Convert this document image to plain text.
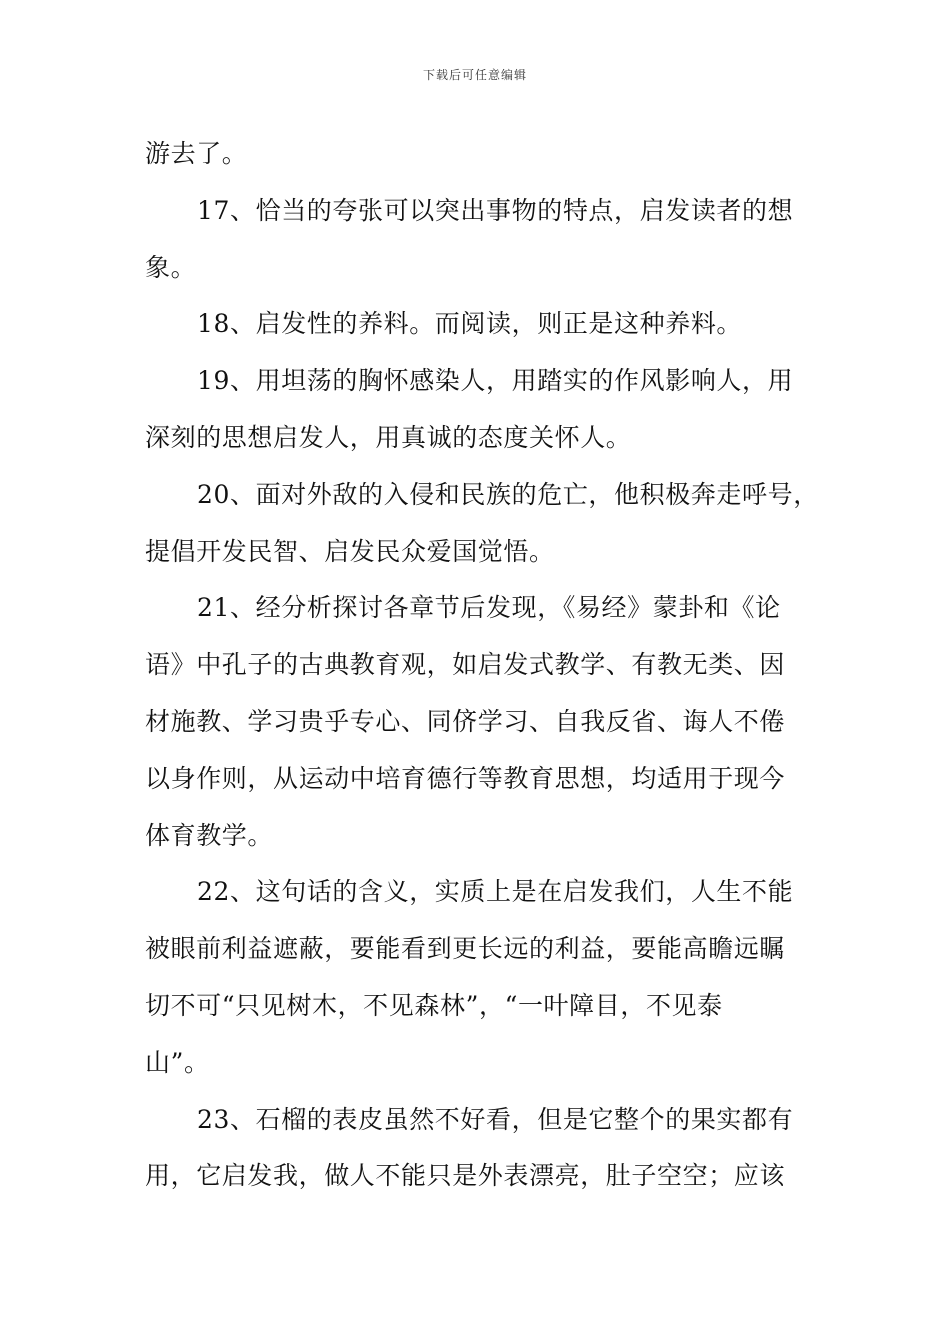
下载后可任意编辑
游去了。
17、恰当的夸张可以突出事物的特点，启发读者的想
象。
18、启发性的养料。而阅读，则正是这种养料。
19、用坦荡的胸怀感染人，用踏实的作风影响人，用
深刻的思想启发人，用真诚的态度关怀人。
20、面对外敌的入侵和民族的危亡，他积极奔走呼号，
提倡开发民智、启发民众爱国觉悟。
21、经分析探讨各章节后发现，《易经》蒙卦和《论
语》中孔子的古典教育观，如启发式教学、有教无类、因
材施教、学习贵乎专心、同侪学习、自我反省、诲人不倦
以身作则，从运动中培育德行等教育思想，均适用于现今
体育教学。
22、这句话的含义，实质上是在启发我们，人生不能
被眼前利益遮蔽，要能看到更长远的利益，要能高瞻远瞩
切不可“只见树木，不见森林”，“一叶障目，不见泰
山”。
23、石榴的表皮虽然不好看，但是它整个的果实都有
用，它启发我，做人不能只是外表漂亮，肚子空空；应该
